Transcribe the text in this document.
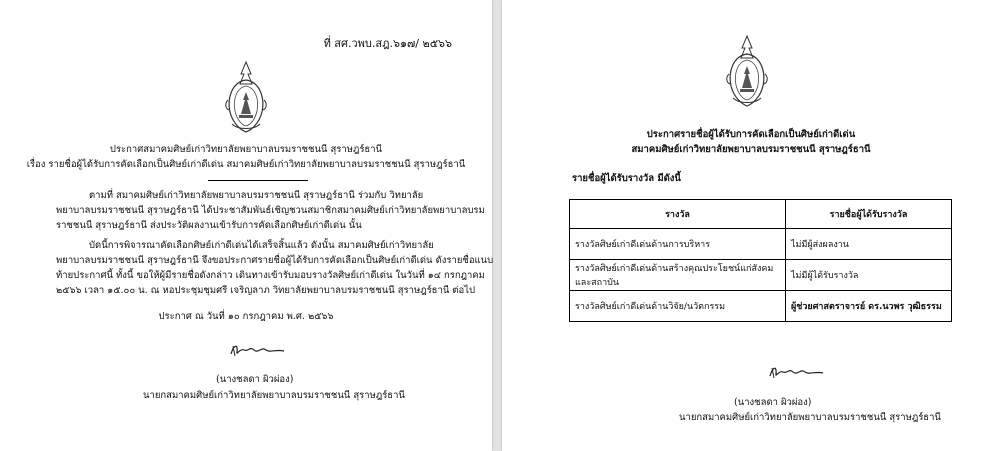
ที่ สศ.วพบ.สฎ.๖๑๗/ ๒๕๖๖
ประกาศสมาคมศิษย์เก่าวิทยาลัยพยาบาลบรมราชชนนี สุราษฎร์ธานี
เรื่อง รายชื่อผู้ได้รับการคัดเลือกเป็นศิษย์เก่าดีเด่น สมาคมศิษย์เก่าวิทยาลัยพยาบาลบรมราชชนนี สุราษฎร์ธานี
ตามที่ สมาคมศิษย์เก่าวิทยาลัยพยาบาลบรมราชชนนี สุราษฎร์ธานี ร่วมกับ วิทยาลัย
พยาบาลบรมราชชนนี สุราษฎร์ธานี ได้ประชาสัมพันธ์เชิญชวนสมาชิกสมาคมศิษย์เก่าวิทยาลัยพยาบาลบรม
ราชชนนี สุราษฎร์ธานี ส่งประวัติผลงานเข้ารับการคัดเลือกศิษย์เก่าดีเด่น นั้น
บัดนี้การพิจารณาคัดเลือกศิษย์เก่าดีเด่นได้เสร็จสิ้นแล้ว ดังนั้น สมาคมศิษย์เก่าวิทยาลัย
พยาบาลบรมราชชนนี สุราษฎร์ธานี จึงขอประกาศรายชื่อผู้ได้รับการคัดเลือกเป็นศิษย์เก่าดีเด่น ดังรายชื่อแนบ
ท้ายประกาศนี้ ทั้งนี้ ขอให้ผู้มีรายชื่อดังกล่าว เดินทางเข้ารับมอบรางวัลศิษย์เก่าดีเด่น ในวันที่ ๑๔ กรกฎาคม
๒๕๖๖ เวลา ๑๕.๐๐ น. ณ หอประชุมชุมศรี เจริญลาภ วิทยาลัยพยาบาลบรมราชชนนี สุราษฎร์ธานี ต่อไป
ประกาศ ณ วันที่ ๑๐ กรกฎาคม พ.ศ. ๒๕๖๖
(นางชลดา ผิวผ่อง)
นายกสมาคมศิษย์เก่าวิทยาลัยพยาบาลบรมราชชนนี สุราษฎร์ธานี
ประกาศรายชื่อผู้ได้รับการคัดเลือกเป็นศิษย์เก่าดีเด่น
สมาคมศิษย์เก่าวิทยาลัยพยาบาลบรมราชชนนี สุราษฎร์ธานี
รายชื่อผู้ได้รับรางวัล มีดังนี้
รางวัล	รายชื่อผู้ได้รับรางวัล
รางวัลศิษย์เก่าดีเด่นด้านการบริหาร	ไม่มีผู้ส่งผลงาน
รางวัลศิษย์เก่าดีเด่นด้านสร้างคุณประโยชน์แก่สังคมและสถาบัน	ไม่มีผู้ได้รับรางวัล
รางวัลศิษย์เก่าดีเด่นด้านวิจัย/นวัตกรรม	ผู้ช่วยศาสตราจารย์ ดร.นวพร วุฒิธรรม
(นางชลดา ผิวผ่อง)
นายกสมาคมศิษย์เก่าวิทยาลัยพยาบาลบรมราชชนนี สุราษฎร์ธานี
